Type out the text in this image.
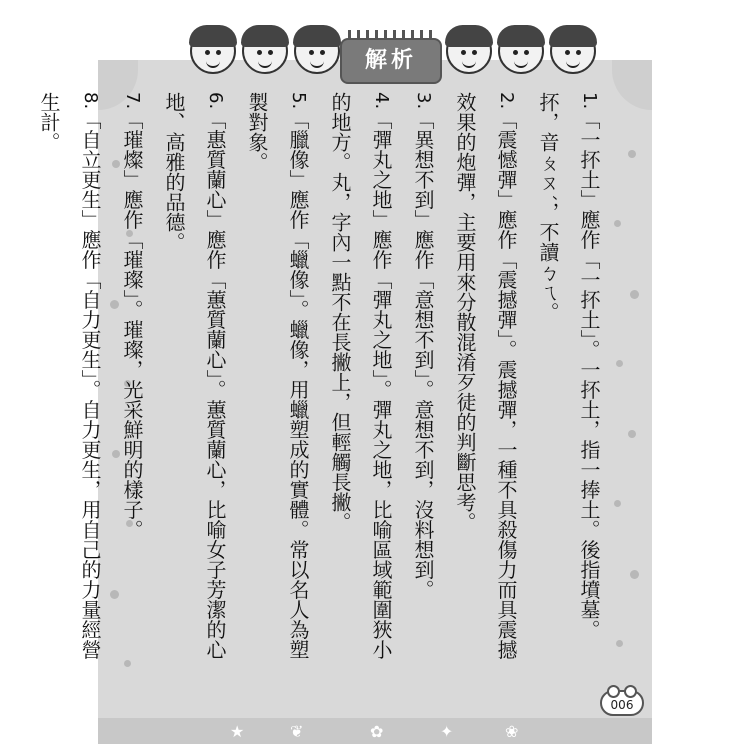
解析

1.「一抔土」應作「一抔土」。一抔土，指一捧土。後指墳墓。抔，音ㄆㄡˊ，不讀ㄅㄟ。

2.「震憾彈」應作「震撼彈」。震撼彈，一種不具殺傷力而具震撼效果的炮彈，主要用來分散混淆歹徒的判斷思考。

3.「異想不到」應作「意想不到」。意想不到，沒料想到。

4.「彈丸之地」應作「彈丸之地」。彈丸之地，比喻區域範圍狹小的地方。丸，字內一點不在長撇上，但輕觸長撇。

5.「臘像」應作「蠟像」。蠟像，用蠟塑成的實體。常以名人為塑製對象。

6.「惠質蘭心」應作「蕙質蘭心」。蕙質蘭心，比喻女子芳潔的心地、高雅的品德。

7.「璀燦」應作「璀璨」。璀璨，光采鮮明的樣子。

8.「自立更生」應作「自力更生」。自力更生，用自己的力量經營生計。

006
★	❦	✿	✦	❀
